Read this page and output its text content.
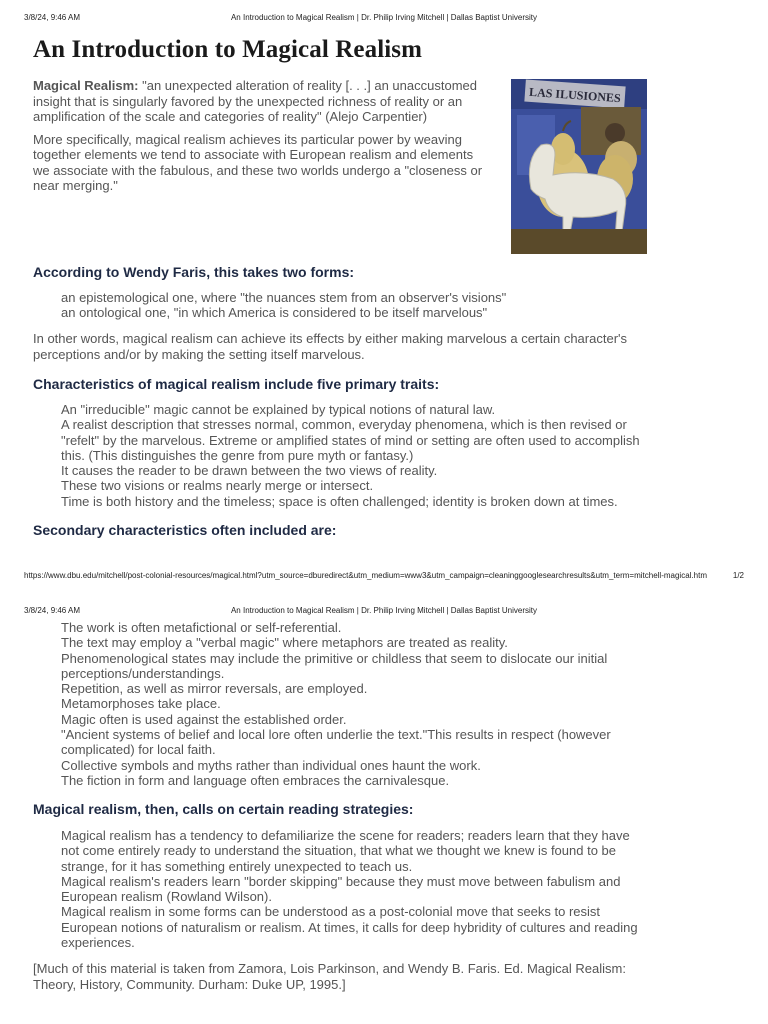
3/8/24, 9:46 AM	An Introduction to Magical Realism | Dr. Philip Irving Mitchell | Dallas Baptist University
An Introduction to Magical Realism

Magical Realism: "an unexpected alteration of reality [. . .] an unaccustomed insight that is singularly favored by the unexpected richness of reality or an amplification of the scale and categories of reality" (Alejo Carpentier)

More specifically, magical realism achieves its particular power by weaving together elements we tend to associate with European realism and elements we associate with the fabulous, and these two worlds undergo a "closeness or near merging."

LAS ILUSIONES
According to Wendy Faris, this takes two forms:
an epistemological one, where "the nuances stem from an observer's visions"
an ontological one, "in which America is considered to be itself marvelous"

In other words, magical realism can achieve its effects by either making marvelous a certain character's perceptions and/or by making the setting itself marvelous.

Characteristics of magical realism include five primary traits:
An "irreducible" magic cannot be explained by typical notions of natural law.
A realist description that stresses normal, common, everyday phenomena, which is then revised or "refelt" by the marvelous. Extreme or amplified states of mind or setting are often used to accomplish this. (This distinguishes the genre from pure myth or fantasy.)
It causes the reader to be drawn between the two views of reality.
These two visions or realms nearly merge or intersect.
Time is both history and the timeless; space is often challenged; identity is broken down at times.
Secondary characteristics often included are:
https://www.dbu.edu/mitchell/post-colonial-resources/magical.html?utm_source=dburedirect&utm_medium=www3&utm_campaign=cleaninggooglesearchresults&utm_term=mitchell-magical.htm	1/2
3/8/24, 9:46 AM	An Introduction to Magical Realism | Dr. Philip Irving Mitchell | Dallas Baptist University
The work is often metafictional or self-referential.
The text may employ a "verbal magic" where metaphors are treated as reality.
Phenomenological states may include the primitive or childless that seem to dislocate our initial perceptions/understandings.
Repetition, as well as mirror reversals, are employed.
Metamorphoses take place.
Magic often is used against the established order.
"Ancient systems of belief and local lore often underlie the text."This results in respect (however complicated) for local faith.
Collective symbols and myths rather than individual ones haunt the work.
The fiction in form and language often embraces the carnivalesque.
Magical realism, then, calls on certain reading strategies:
Magical realism has a tendency to defamiliarize the scene for readers; readers learn that they have not come entirely ready to understand the situation, that what we thought we knew is found to be strange, for it has something entirely unexpected to teach us.
Magical realism's readers learn "border skipping" because they must move between fabulism and European realism (Rowland Wilson).
Magical realism in some forms can be understood as a post-colonial move that seeks to resist European notions of naturalism or realism. At times, it calls for deep hybridity of cultures and reading experiences.

[Much of this material is taken from Zamora, Lois Parkinson, and Wendy B. Faris. Ed. Magical Realism: Theory, History, Community. Durham: Duke UP, 1995.]
